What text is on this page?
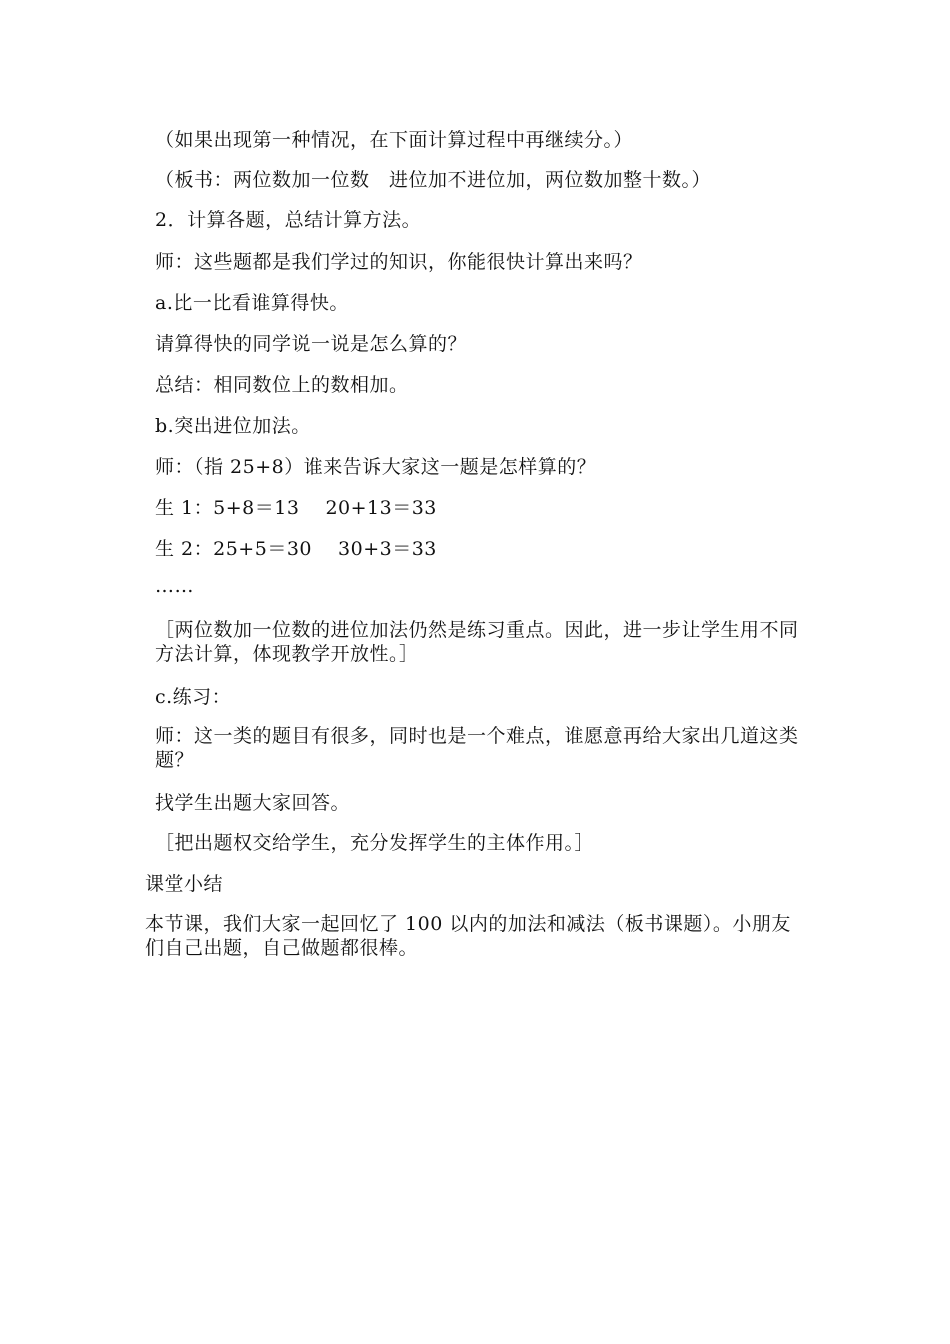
（如果出现第一种情况，在下面计算过程中再继续分。）
（板书：两位数加一位数　进位加不进位加，两位数加整十数。）
2．计算各题，总结计算方法。
师：这些题都是我们学过的知识，你能很快计算出来吗？
a.比一比看谁算得快。
请算得快的同学说一说是怎么算的？
总结：相同数位上的数相加。
b.突出进位加法。
师：（指 25+8）谁来告诉大家这一题是怎样算的？
生 1：5+8＝13　 20+13＝33
生 2：25+5＝30　 30+3＝33
……
［两位数加一位数的进位加法仍然是练习重点。因此，进一步让学生用不同方法计算，体现教学开放性。］
c.练习：
师：这一类的题目有很多，同时也是一个难点，谁愿意再给大家出几道这类题？
找学生出题大家回答。
［把出题权交给学生，充分发挥学生的主体作用。］
课堂小结
本节课，我们大家一起回忆了 100 以内的加法和减法（板书课题）。小朋友们自己出题，自己做题都很棒。
